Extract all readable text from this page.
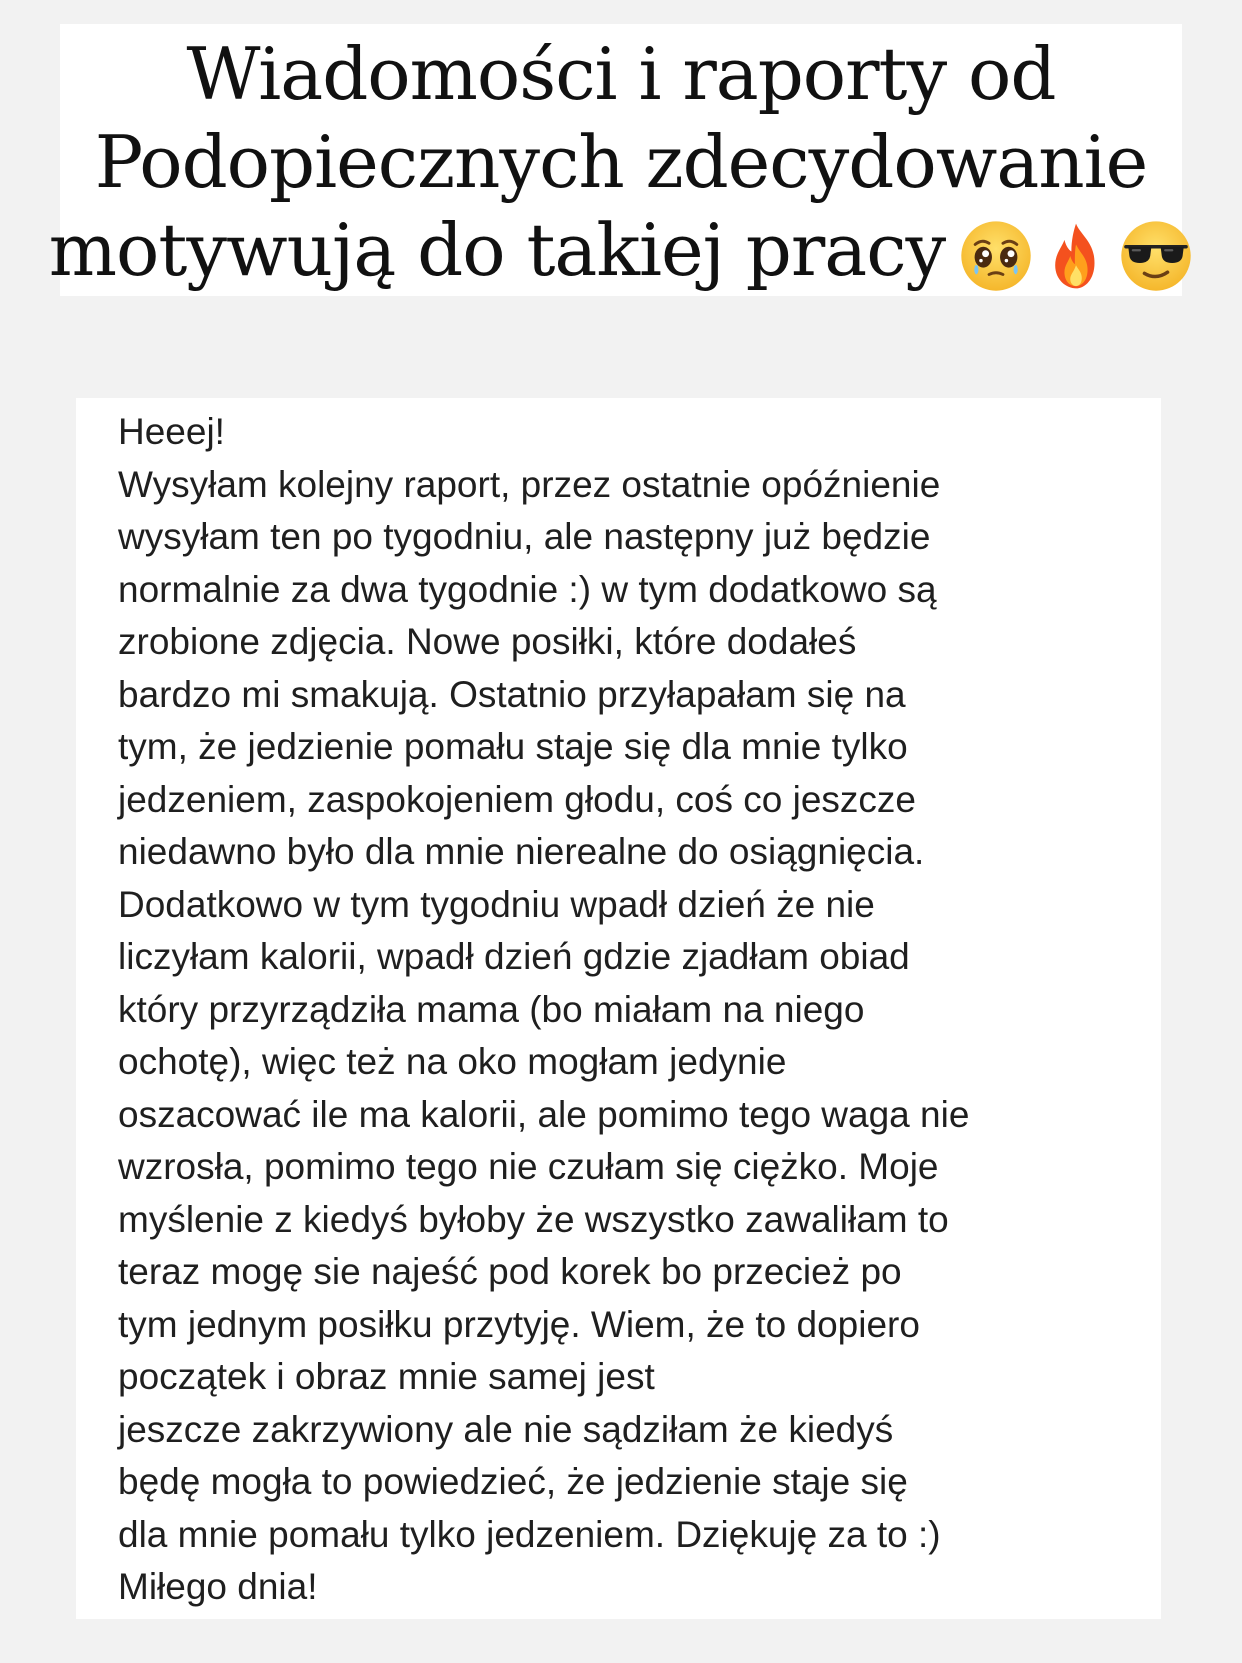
Wiadomości i raporty od
Podopiecznych zdecydowanie
motywują do takiej pracy
Heeej!
Wysyłam kolejny raport, przez ostatnie opóźnienie
wysyłam ten po tygodniu, ale następny już będzie
normalnie za dwa tygodnie :) w tym dodatkowo są
zrobione zdjęcia. Nowe posiłki, które dodałeś
bardzo mi smakują. Ostatnio przyłapałam się na
tym, że jedzienie pomału staje się dla mnie tylko
jedzeniem, zaspokojeniem głodu, coś co jeszcze
niedawno było dla mnie nierealne do osiągnięcia.
Dodatkowo w tym tygodniu wpadł dzień że nie
liczyłam kalorii, wpadł dzień gdzie zjadłam obiad
który przyrządziła mama (bo miałam na niego
ochotę), więc też na oko mogłam jedynie
oszacować ile ma kalorii, ale pomimo tego waga nie
wzrosła, pomimo tego nie czułam się ciężko. Moje
myślenie z kiedyś byłoby że wszystko zawaliłam to
teraz mogę sie najeść pod korek bo przecież po
tym jednym posiłku przytyję. Wiem, że to dopiero
początek i obraz mnie samej jest
jeszcze zakrzywiony ale nie sądziłam że kiedyś
będę mogła to powiedzieć, że jedzienie staje się
dla mnie pomału tylko jedzeniem. Dziękuję za to :)
Miłego dnia!
